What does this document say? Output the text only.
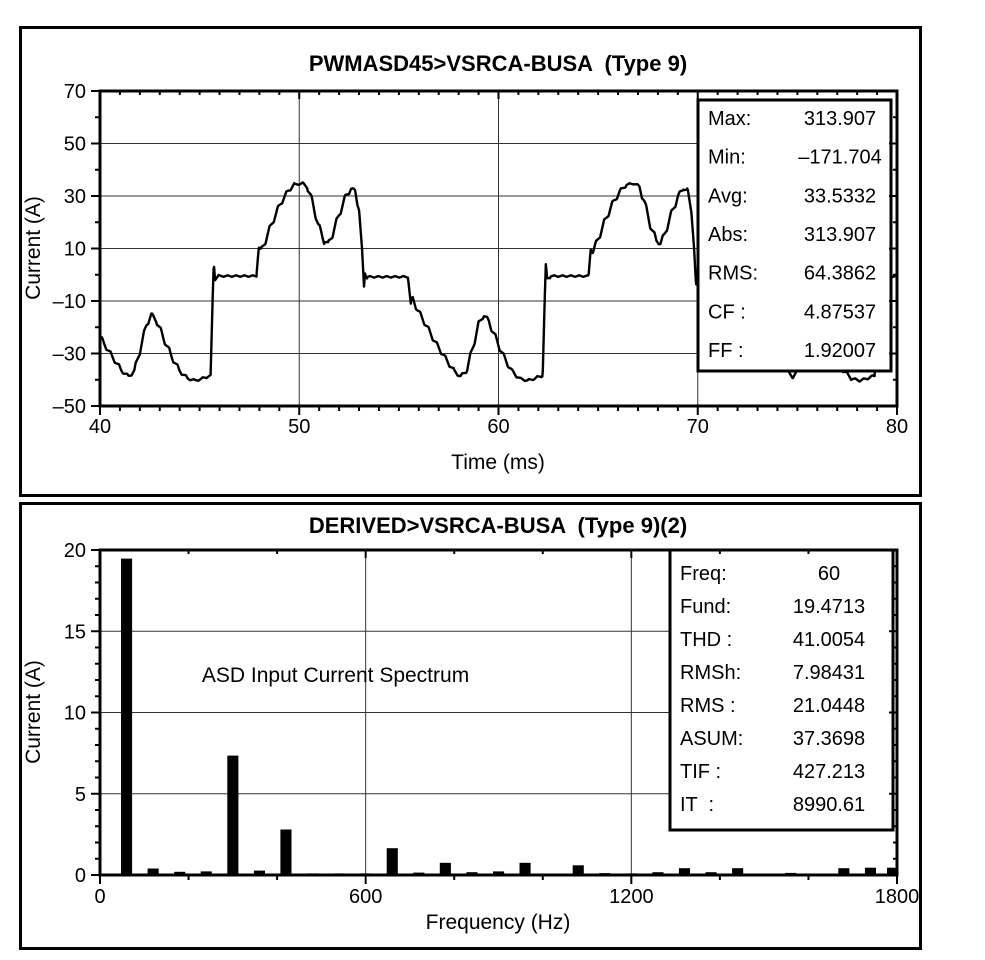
Max:	313.907
Min:	–171.704
Avg:	33.5332
Abs:	313.907
RMS: 64.3862
CF :	4.87537
FF :	1.92007
–50
–30
–10
10
30
50
70
40	50	60	70	80
PWMASD45>VSRCA-BUSA  (Type 9)
Time (ms)
Current (A)
ASD Input Current Spectrum
Freq:	60
Fund:	19.4713
THD :	41.0054
RMSh:	7.98431
RMS :	21.0448
ASUM: 37.3698
TIF :	427.213
IT  :	8990.61
0
5
10
15
20
0	600	1200	1800
DERIVED>VSRCA-BUSA  (Type 9)(2)
Frequency (Hz)
Current (A)
